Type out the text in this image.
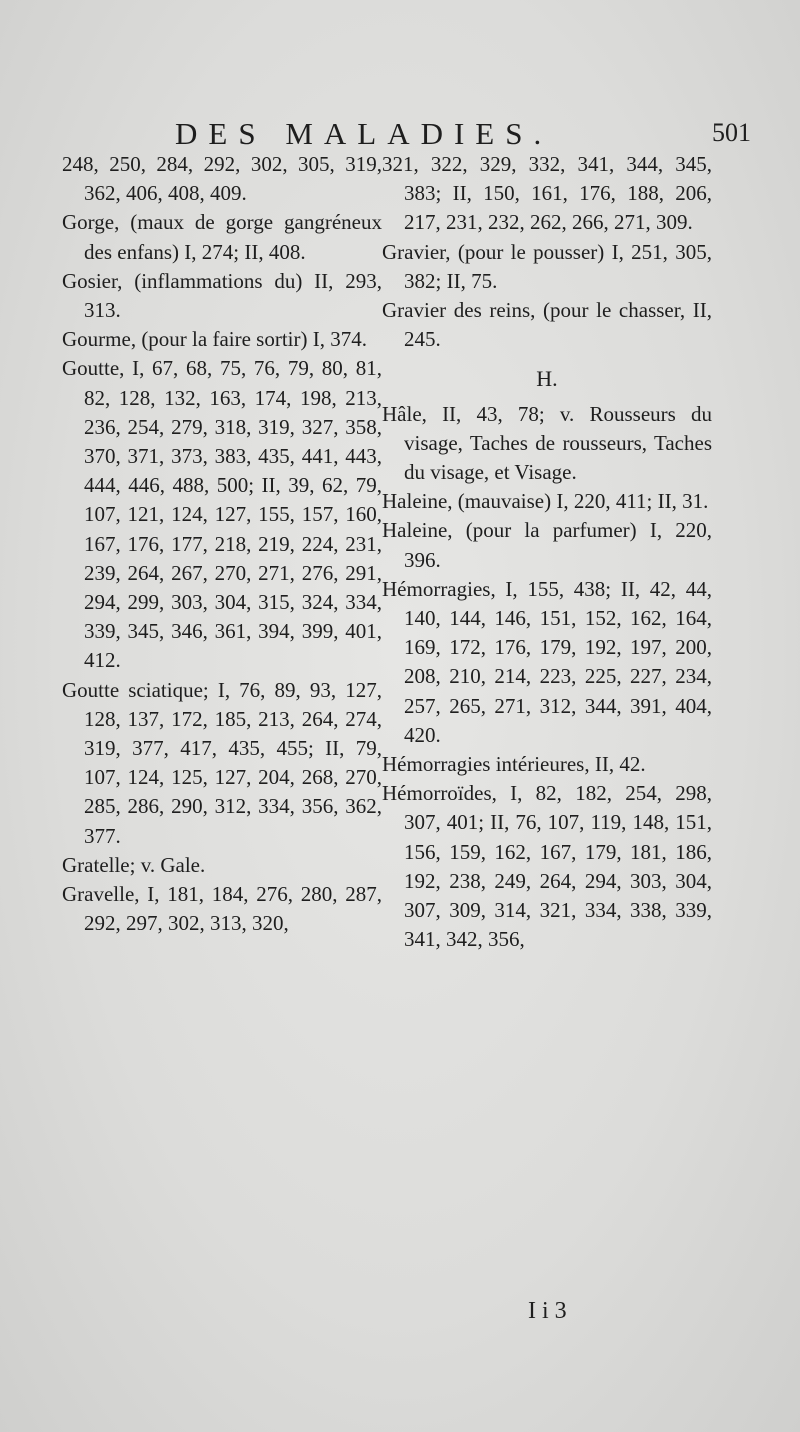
DES MALADIES.	501
248, 250, 284, 292, 302, 305, 319, 362, 406, 408, 409.
Gorge, (maux de gorge gangréneux des enfans) I, 274; II, 408.
Gosier, (inflammations du) II, 293, 313.
Gourme, (pour la faire sortir) I, 374.
Goutte, I, 67, 68, 75, 76, 79, 80, 81, 82, 128, 132, 163, 174, 198, 213, 236, 254, 279, 318, 319, 327, 358, 370, 371, 373, 383, 435, 441, 443, 444, 446, 488, 500; II, 39, 62, 79, 107, 121, 124, 127, 155, 157, 160, 167, 176, 177, 218, 219, 224, 231, 239, 264, 267, 270, 271, 276, 291, 294, 299, 303, 304, 315, 324, 334, 339, 345, 346, 361, 394, 399, 401, 412.
Goutte sciatique; I, 76, 89, 93, 127, 128, 137, 172, 185, 213, 264, 274, 319, 377, 417, 435, 455; II, 79, 107, 124, 125, 127, 204, 268, 270, 285, 286, 290, 312, 334, 356, 362, 377.
Gratelle; v. Gale.
Gravelle, I, 181, 184, 276, 280, 287, 292, 297, 302, 313, 320,
321, 322, 329, 332, 341, 344, 345, 383; II, 150, 161, 176, 188, 206, 217, 231, 232, 262, 266, 271, 309.
Gravier, (pour le pousser) I, 251, 305, 382; II, 75.
Gravier des reins, (pour le chasser, II, 245.
H.
Hâle, II, 43, 78; v. Rousseurs du visage, Taches de rousseurs, Taches du visage, et Visage.
Haleine, (mauvaise) I, 220, 411; II, 31.
Haleine, (pour la parfumer) I, 220, 396.
Hémorragies, I, 155, 438; II, 42, 44, 140, 144, 146, 151, 152, 162, 164, 169, 172, 176, 179, 192, 197, 200, 208, 210, 214, 223, 225, 227, 234, 257, 265, 271, 312, 344, 391, 404, 420.
Hémorragies intérieures, II, 42.
Hémorroïdes, I, 82, 182, 254, 298, 307, 401; II, 76, 107, 119, 148, 151, 156, 159, 162, 167, 179, 181, 186, 192, 238, 249, 264, 294, 303, 304, 307, 309, 314, 321, 334, 338, 339, 341, 342, 356,
I i 3
